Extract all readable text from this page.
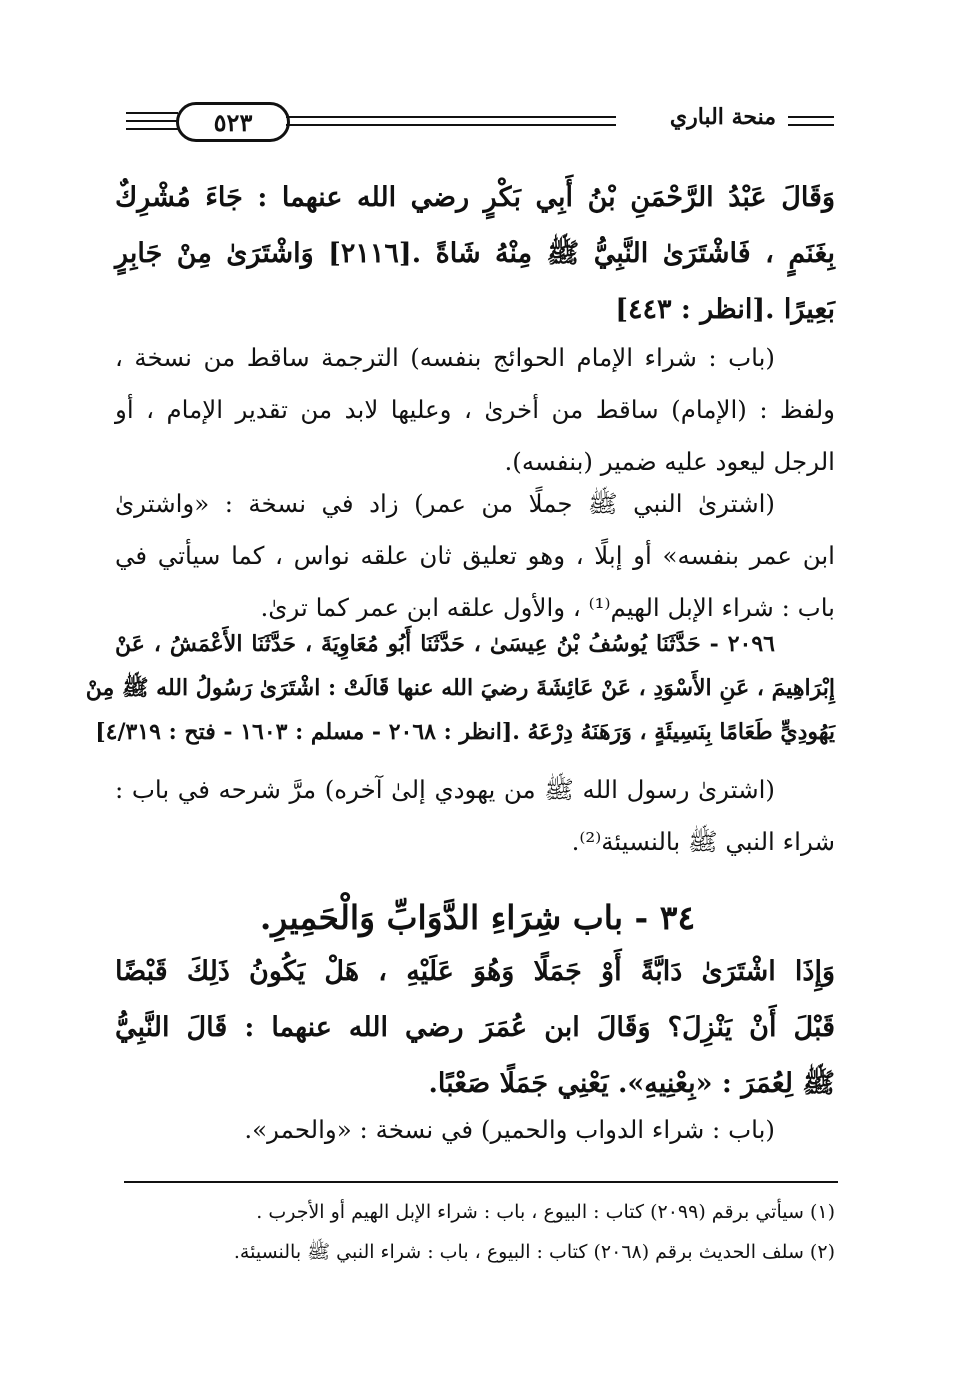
٥٢٣	منحة الباري
وَقَالَ عَبْدُ الرَّحْمَنِ بْنُ أَبِي بَكْرٍ رضي الله عنهما : جَاءَ مُشْرِكٌ
بِغَنَمٍ ، فَاشْتَرَىٰ النَّبِيُّ ﷺ مِنْهُ شَاةً .[٢١١٦] وَاشْتَرَىٰ مِنْ جَابِرٍ
بَعِيرًا .[انظر : ٤٤٣]
(باب : شراء الإمام الحوائج بنفسه) الترجمة ساقط من نسخة ،
ولفظ : (الإمام) ساقط من أخرىٰ ، وعليها لابد من تقدير الإمام ، أو
الرجل ليعود عليه ضمير (بنفسه).
(اشترىٰ النبي ﷺ جملًا من عمر) زاد في نسخة : «واشترىٰ
ابن عمر بنفسه» أو إبلًا ، وهو تعليق ثان علقه نواس ، كما سيأتي في
باب : شراء الإبل الهيم⁽¹⁾ ، والأول علقه ابن عمر كما ترىٰ.
٢٠٩٦ - حَدَّثَنَا يُوسُفُ بْنُ عِيسَىٰ ، حَدَّثَنَا أَبُو مُعَاوِيَةَ ، حَدَّثَنَا الأَعْمَشُ ، عَنْ
إِبْرَاهِيمَ ، عَنِ الأَسْوَدِ ، عَنْ عَائِشَةَ رضيَ الله عنها قَالَتْ : اشْتَرَىٰ رَسُولُ الله ﷺ مِنْ
يَهُودِيٍّ طَعَامًا بِنَسِيئَةٍ ، وَرَهَنَهُ دِرْعَهُ .[انظر : ٢٠٦٨ - مسلم : ١٦٠٣ - فتح : ٤/٣١٩]
(اشترىٰ رسول الله ﷺ من يهودي إلىٰ آخره) مرَّ شرحه في باب :
شراء النبي ﷺ بالنسيئة⁽²⁾.
٣٤ - باب شِرَاءِ الدَّوَابِّ وَالْحَمِيرِ.
وَإِذَا اشْتَرَىٰ دَابَّةً أَوْ جَمَلًا وَهُوَ عَلَيْهِ ، هَلْ يَكُونُ ذَلِكَ قَبْضًا
قَبْلَ أَنْ يَنْزِلَ؟ وَقَالَ ابن عُمَرَ رضي الله عنهما : قَالَ النَّبِيُّ
ﷺ لِعُمَرَ : «بِعْنِيهِ». يَعْنِي جَمَلًا صَعْبًا.
(باب : شراء الدواب والحمير) في نسخة : «والحمر».
(١) سيأتي برقم (٢٠٩٩) كتاب : البيوع ، باب : شراء الإبل الهيم أو الأجرب .
(٢) سلف الحديث برقم (٢٠٦٨) كتاب : البيوع ، باب : شراء النبي ﷺ بالنسيئة.
